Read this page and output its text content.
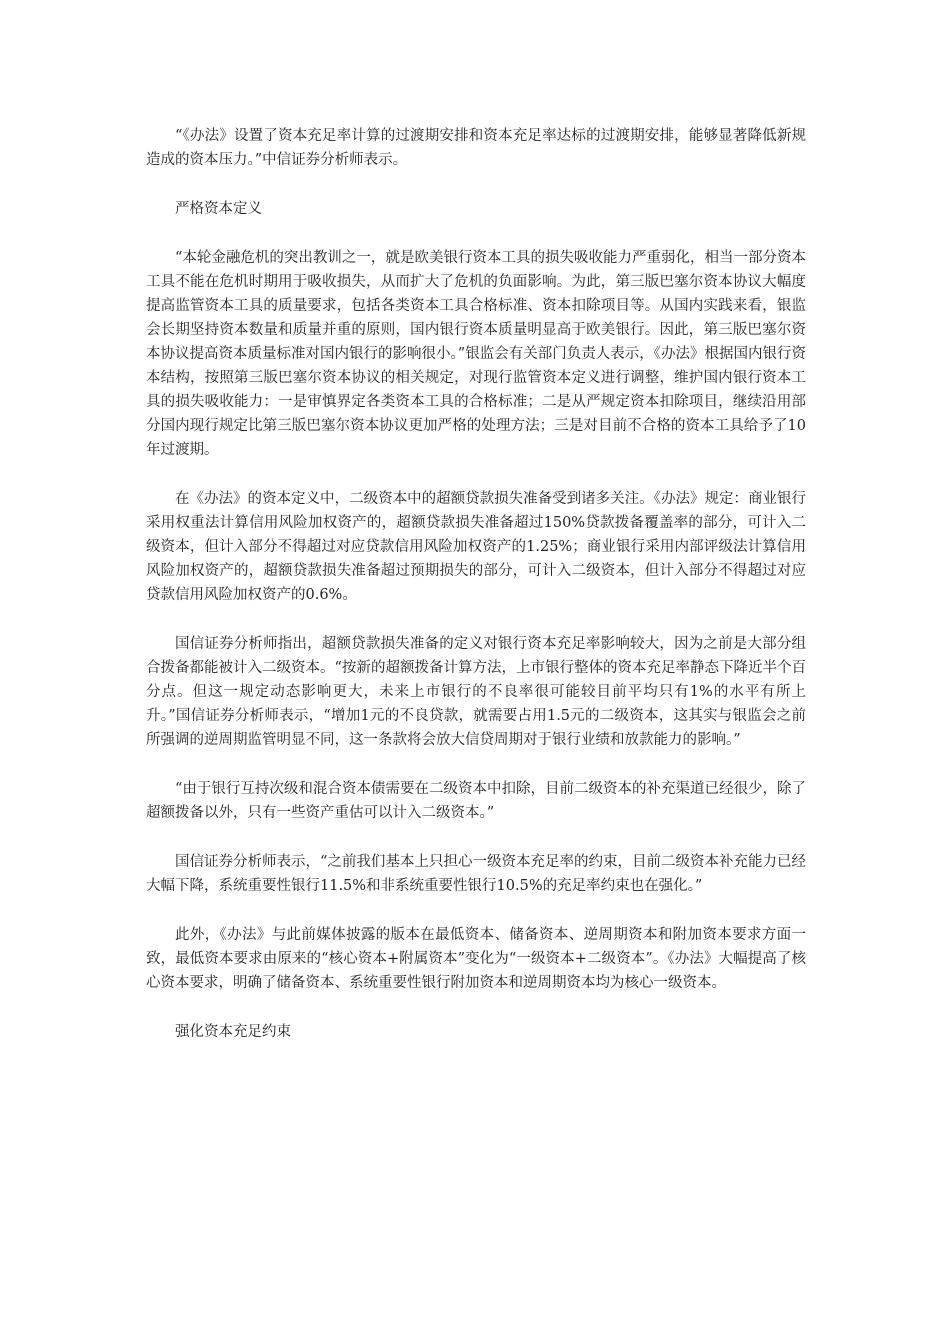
“《办法》设置了资本充足率计算的过渡期安排和资本充足率达标的过渡期安排，能够显著降低新规造成的资本压力。”中信证券分析师表示。

严格资本定义

“本轮金融危机的突出教训之一，就是欧美银行资本工具的损失吸收能力严重弱化，相当一部分资本工具不能在危机时期用于吸收损失，从而扩大了危机的负面影响。为此，第三版巴塞尔资本协议大幅度提高监管资本工具的质量要求，包括各类资本工具合格标准、资本扣除项目等。从国内实践来看，银监会长期坚持资本数量和质量并重的原则，国内银行资本质量明显高于欧美银行。因此，第三版巴塞尔资本协议提高资本质量标准对国内银行的影响很小。”银监会有关部门负责人表示，《办法》根据国内银行资本结构，按照第三版巴塞尔资本协议的相关规定，对现行监管资本定义进行调整，维护国内银行资本工具的损失吸收能力：一是审慎界定各类资本工具的合格标准；二是从严规定资本扣除项目，继续沿用部分国内现行规定比第三版巴塞尔资本协议更加严格的处理方法；三是对目前不合格的资本工具给予了10年过渡期。

在《办法》的资本定义中，二级资本中的超额贷款损失准备受到诸多关注。《办法》规定：商业银行采用权重法计算信用风险加权资产的，超额贷款损失准备超过150%贷款拨备覆盖率的部分，可计入二级资本，但计入部分不得超过对应贷款信用风险加权资产的1.25%；商业银行采用内部评级法计算信用风险加权资产的，超额贷款损失准备超过预期损失的部分，可计入二级资本，但计入部分不得超过对应贷款信用风险加权资产的0.6%。

国信证券分析师指出，超额贷款损失准备的定义对银行资本充足率影响较大，因为之前是大部分组合拨备都能被计入二级资本。“按新的超额拨备计算方法，上市银行整体的资本充足率静态下降近半个百分点。但这一规定动态影响更大，未来上市银行的不良率很可能较目前平均只有1%的水平有所上升。”国信证券分析师表示，“增加1元的不良贷款，就需要占用1.5元的二级资本，这其实与银监会之前所强调的逆周期监管明显不同，这一条款将会放大信贷周期对于银行业绩和放款能力的影响。”

“由于银行互持次级和混合资本债需要在二级资本中扣除，目前二级资本的补充渠道已经很少，除了超额拨备以外，只有一些资产重估可以计入二级资本。”

国信证券分析师表示，“之前我们基本上只担心一级资本充足率的约束，目前二级资本补充能力已经大幅下降，系统重要性银行11.5%和非系统重要性银行10.5%的充足率约束也在强化。”

此外，《办法》与此前媒体披露的版本在最低资本、储备资本、逆周期资本和附加资本要求方面一致，最低资本要求由原来的“核心资本+附属资本”变化为“一级资本+二级资本”。《办法》大幅提高了核心资本要求，明确了储备资本、系统重要性银行附加资本和逆周期资本均为核心一级资本。

强化资本充足约束
